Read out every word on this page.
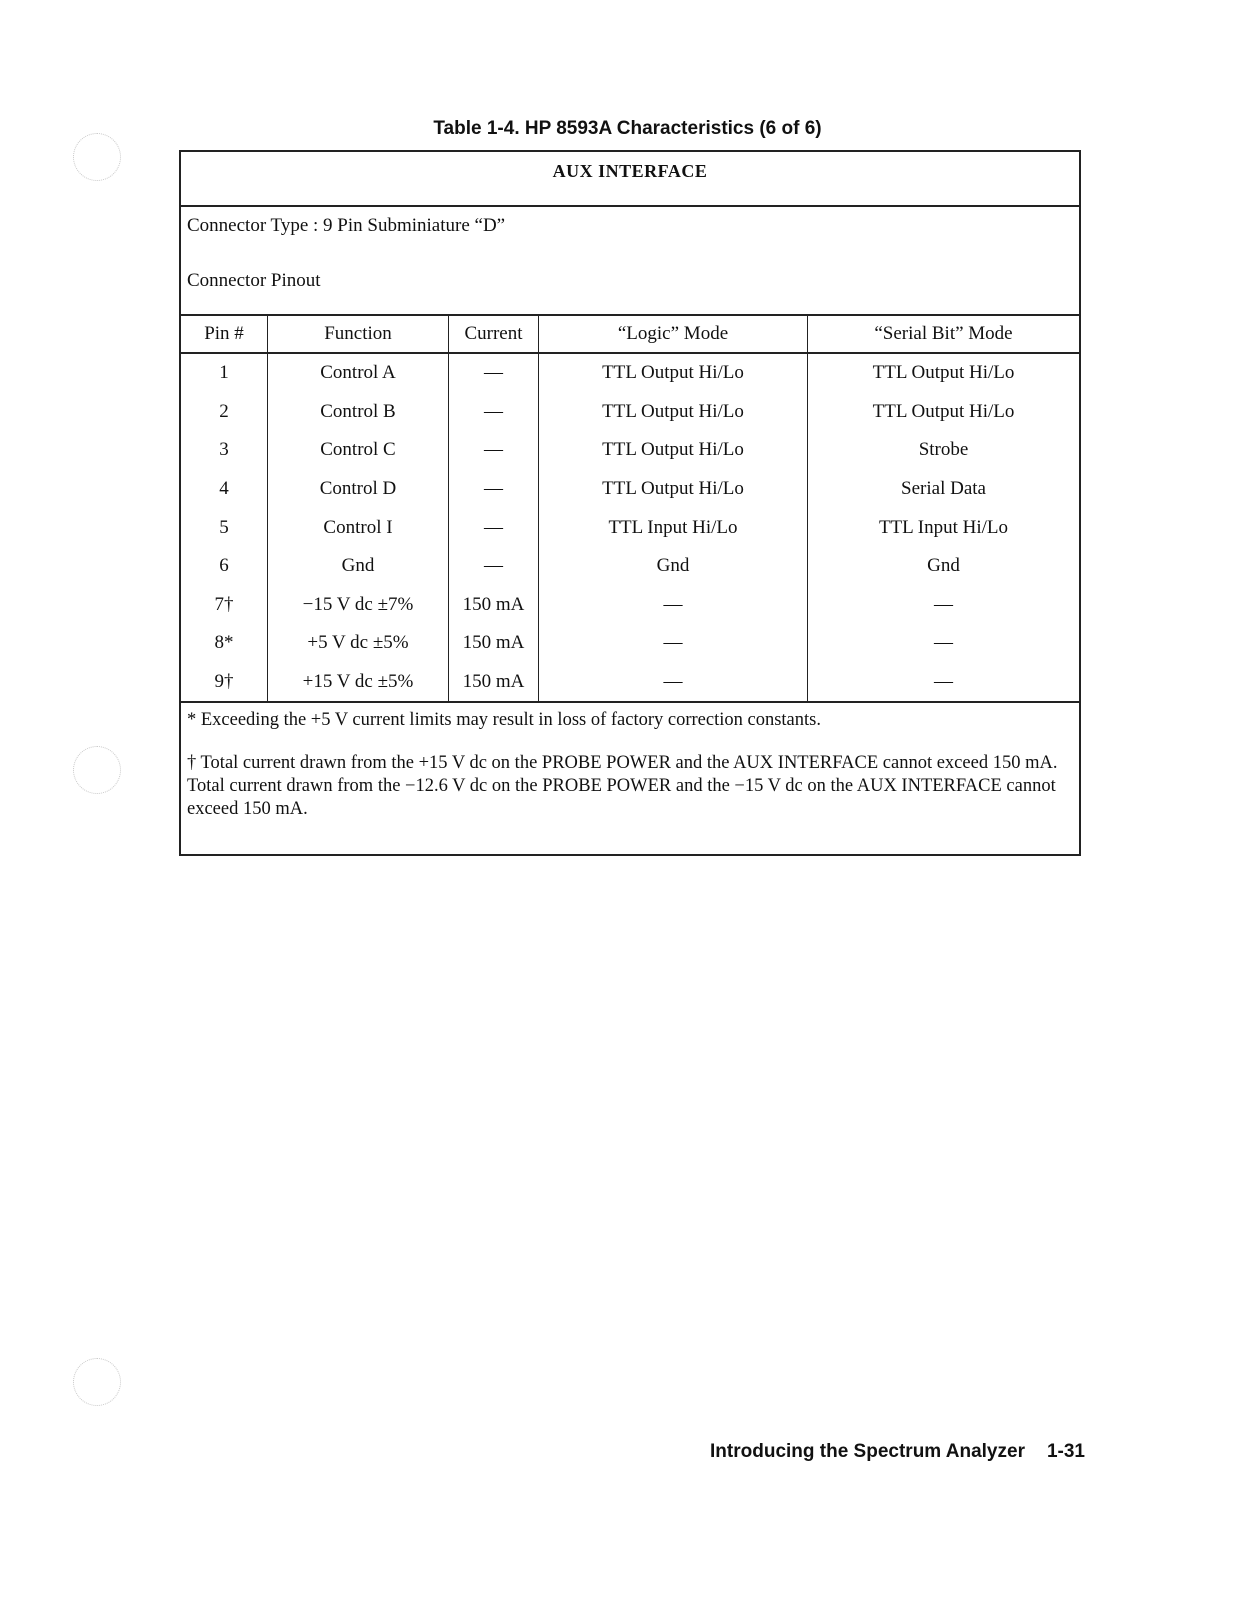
Table 1-4. HP 8593A Characteristics (6 of 6)
AUX INTERFACE
Connector Type : 9 Pin Subminiature “D”
Connector Pinout
Pin #	Function	Current	“Logic” Mode	“Serial Bit” Mode
1	Control A	—	TTL Output Hi/Lo	TTL Output Hi/Lo
2	Control B	—	TTL Output Hi/Lo	TTL Output Hi/Lo
3	Control C	—	TTL Output Hi/Lo	Strobe
4	Control D	—	TTL Output Hi/Lo	Serial Data
5	Control I	—	TTL Input Hi/Lo	TTL Input Hi/Lo
6	Gnd	—	Gnd	Gnd
7†	−15 V dc ±7%	150 mA	—	—
8*	+5 V dc ±5%	150 mA	—	—
9†	+15 V dc ±5%	150 mA	—	—

* Exceeding the +5 V current limits may result in loss of factory correction constants.

† Total current drawn from the +15 V dc on the PROBE POWER and the AUX INTERFACE cannot exceed 150 mA. Total current drawn from the −12.6 V dc on the PROBE POWER and the −15 V dc on the AUX INTERFACE cannot exceed 150 mA.

Introducing the Spectrum Analyzer 1-31
